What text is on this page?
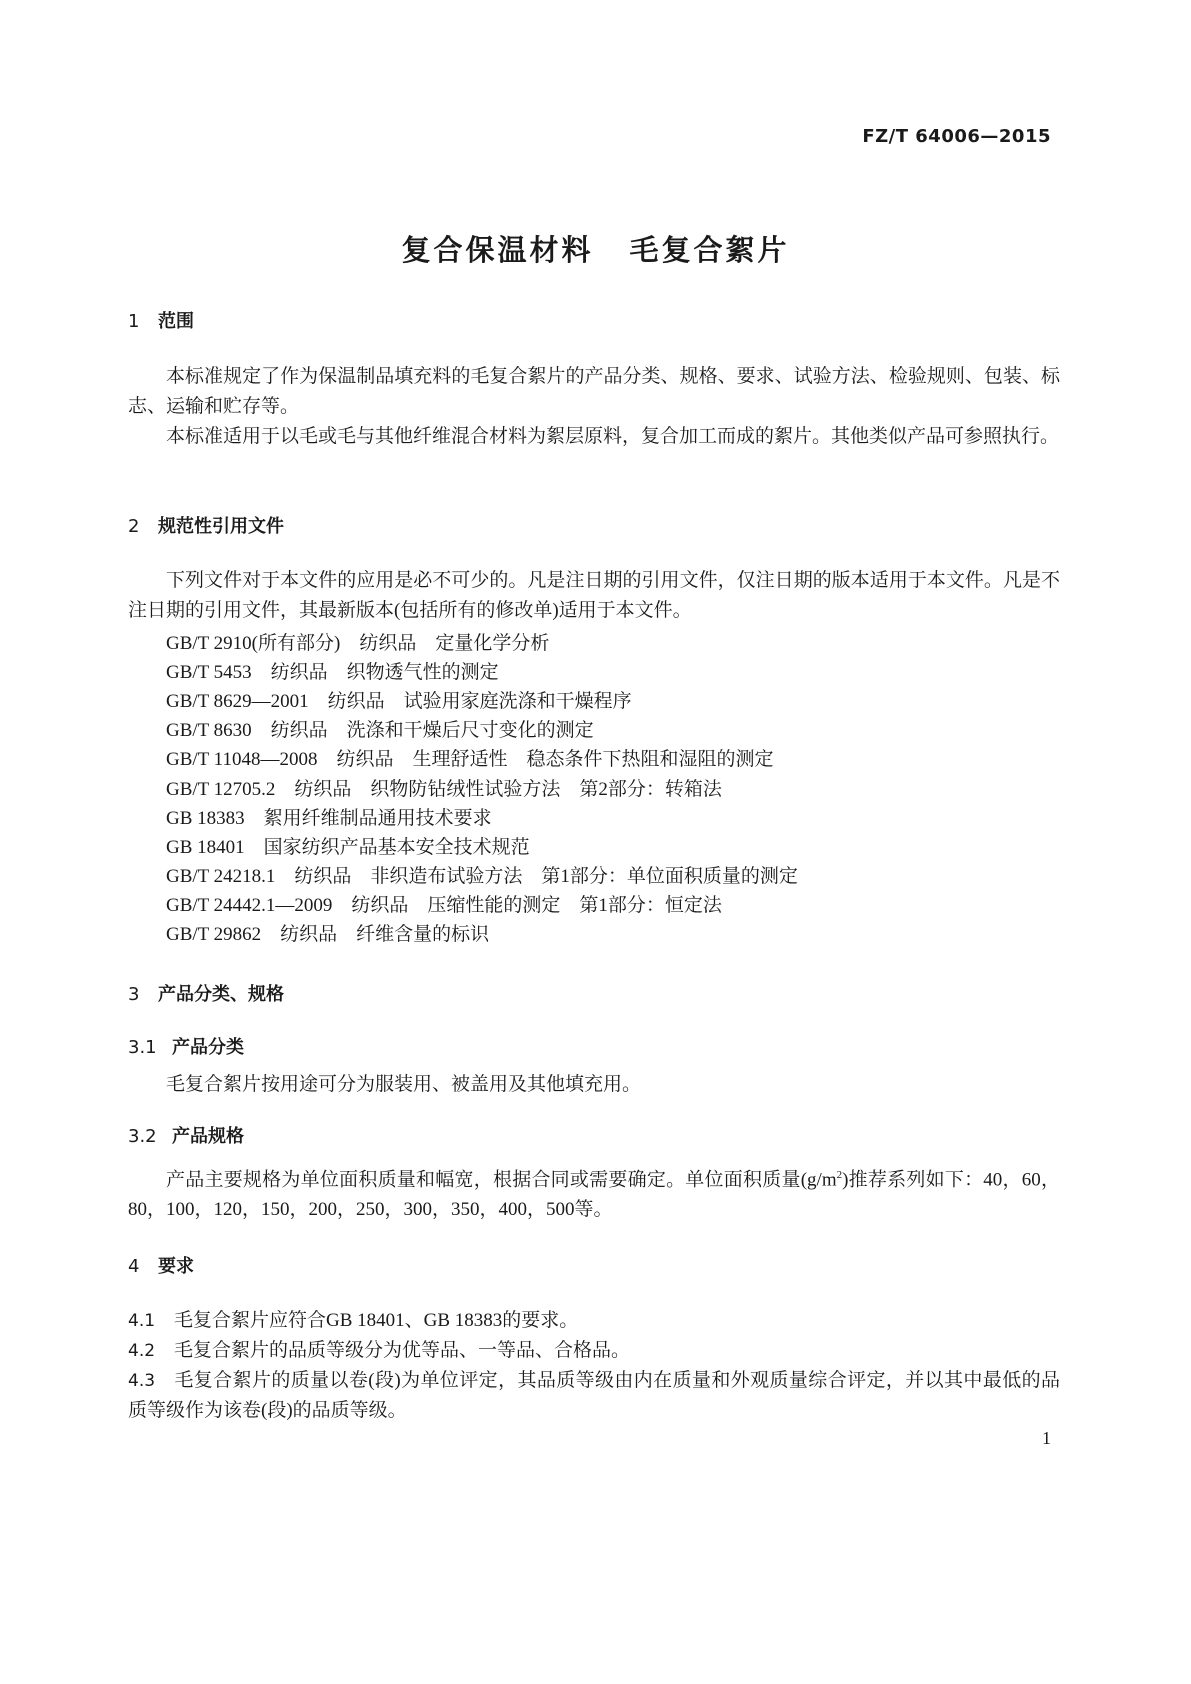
FZ/T 64006—2015
复合保温材料 毛复合絮片
1 范围

本标准规定了作为保温制品填充料的毛复合絮片的产品分类、规格、要求、试验方法、检验规则、包装、标志、运输和贮存等。

本标准适用于以毛或毛与其他纤维混合材料为絮层原料，复合加工而成的絮片。其他类似产品可参照执行。

2 规范性引用文件

下列文件对于本文件的应用是必不可少的。凡是注日期的引用文件，仅注日期的版本适用于本文件。凡是不注日期的引用文件，其最新版本(包括所有的修改单)适用于本文件。

GB/T 2910(所有部分)　纺织品　定量化学分析
GB/T 5453　纺织品　织物透气性的测定
GB/T 8629—2001　纺织品　试验用家庭洗涤和干燥程序
GB/T 8630　纺织品　洗涤和干燥后尺寸变化的测定
GB/T 11048—2008　纺织品　生理舒适性　稳态条件下热阻和湿阻的测定
GB/T 12705.2　纺织品　织物防钻绒性试验方法　第2部分：转箱法
GB 18383　絮用纤维制品通用技术要求
GB 18401　国家纺织产品基本安全技术规范
GB/T 24218.1　纺织品　非织造布试验方法　第1部分：单位面积质量的测定
GB/T 24442.1—2009　纺织品　压缩性能的测定　第1部分：恒定法
GB/T 29862　纺织品　纤维含量的标识
3 产品分类、规格
3.1 产品分类

毛复合絮片按用途可分为服装用、被盖用及其他填充用。

3.2 产品规格

产品主要规格为单位面积质量和幅宽，根据合同或需要确定。单位面积质量$(g/m^2)$推荐系列如下：40，60，80，100，120，150，200，250，300，350，400，500等。

4 要求

4.1 毛复合絮片应符合GB 18401、GB 18383的要求。

4.2 毛复合絮片的品质等级分为优等品、一等品、合格品。

4.3 毛复合絮片的质量以卷(段)为单位评定，其品质等级由内在质量和外观质量综合评定，并以其中最低的品质等级作为该卷(段)的品质等级。

1
